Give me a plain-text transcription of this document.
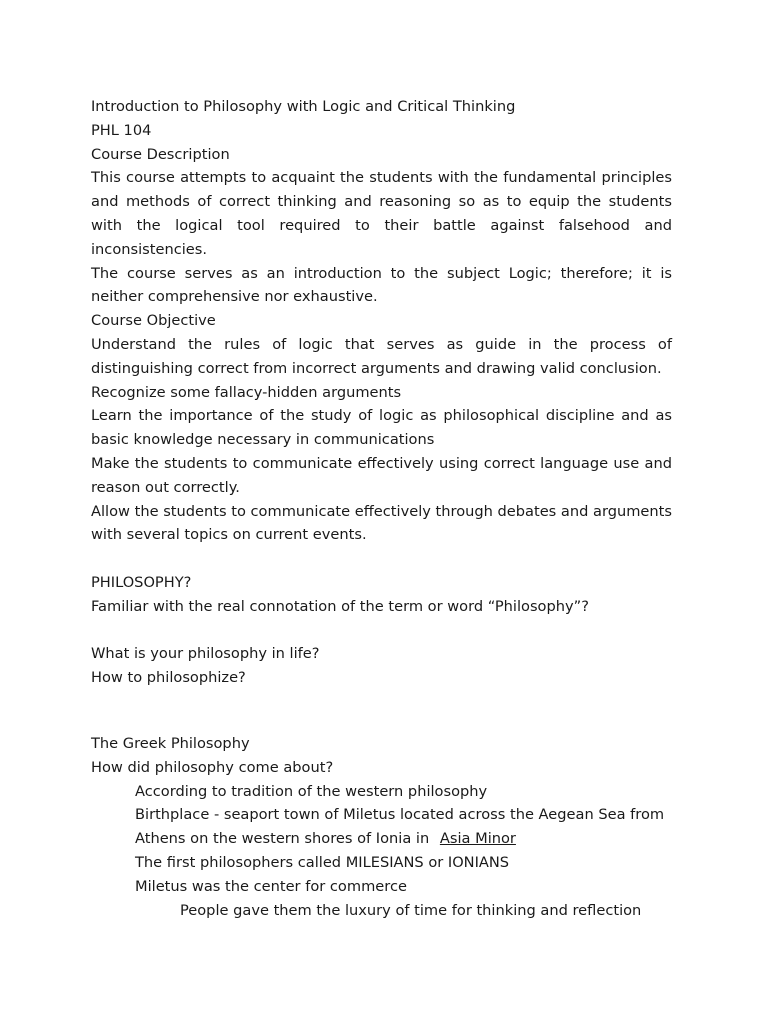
Introduction to Philosophy with Logic and Critical Thinking
PHL 104
Course Description
This course attempts to acquaint the students with the fundamental principles and methods of correct thinking and reasoning so as to equip the students with the logical tool required to their battle against falsehood and inconsistencies.
The course serves as an introduction to the subject Logic; therefore; it is neither comprehensive nor exhaustive.
Course Objective
Understand the rules of logic that serves as guide in the process of distinguishing correct from incorrect arguments and drawing valid conclusion.
Recognize some fallacy-hidden arguments
Learn the importance of the study of logic as philosophical discipline and as basic knowledge necessary in communications
Make the students to communicate effectively using correct language use and reason out correctly.
Allow the students to communicate effectively through debates and arguments with several topics on current events.
PHILOSOPHY?
Familiar with the real connotation of the term or word “Philosophy”?
What is your philosophy in life?
How to philosophize?
The Greek Philosophy
How did philosophy come about?
According to tradition of the western philosophy
Birthplace - seaport town of Miletus located across the Aegean Sea from
Athens on the western shores of Ionia in Asia Minor
The first philosophers called MILESIANS or IONIANS
Miletus was the center for commerce
People gave them the luxury of time for thinking and reflection
